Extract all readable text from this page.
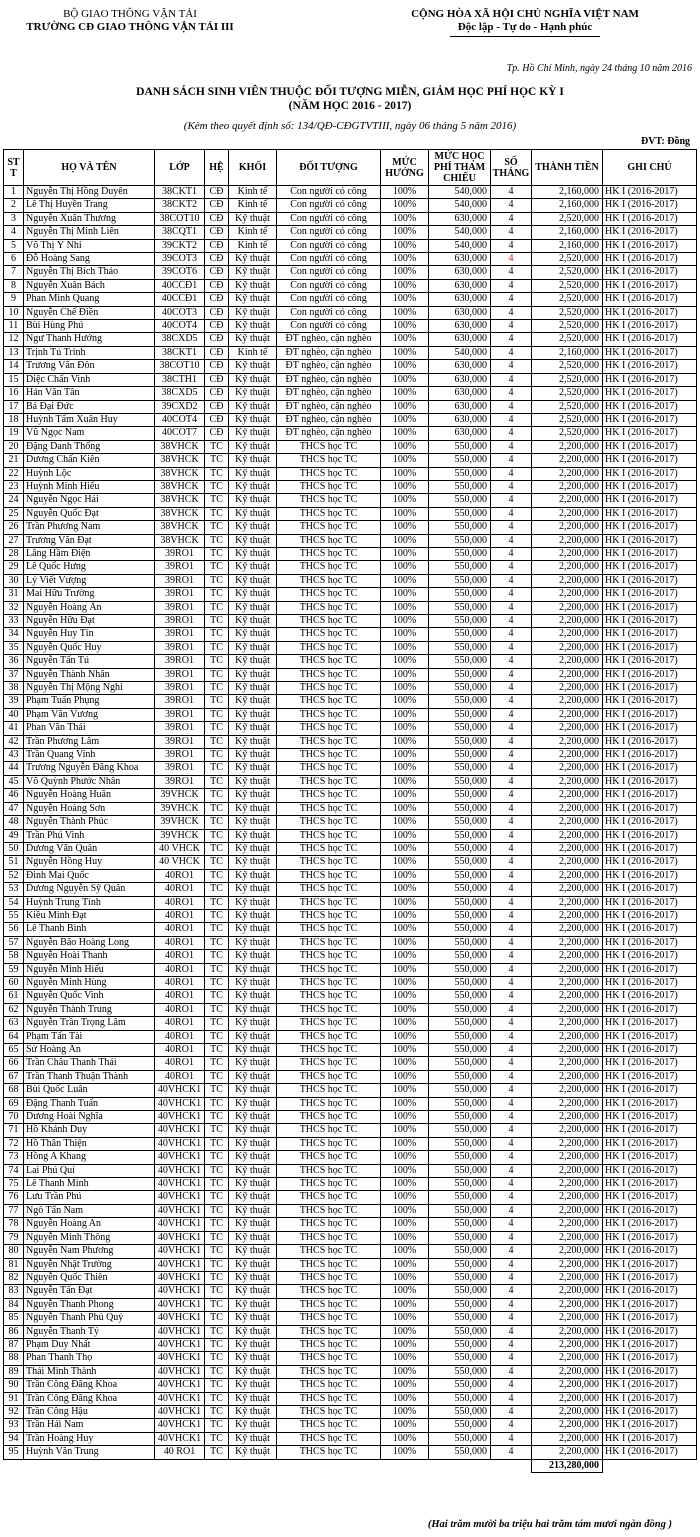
BỘ GIAO THÔNG VẬN TẢI
TRƯỜNG CĐ GIAO THÔNG VẬN TẢI III
CỘNG HÒA XÃ HỘI CHỦ NGHĨA VIỆT NAM
Độc lập - Tự do - Hạnh phúc
Tp. Hồ Chí Minh, ngày 24 tháng 10 năm 2016
DANH SÁCH SINH VIÊN THUỘC ĐỐI TƯỢNG MIỄN, GIẢM HỌC PHÍ HỌC KỲ I
(NĂM HỌC 2016 - 2017)
(Kèm theo quyết định số: 134/QĐ-CĐGTVTIII, ngày 06 tháng 5 năm 2016)
ĐVT: Đồng
ST T	HỌ VÀ TÊN	LỚP	HỆ	KHỐI	ĐỐI TƯỢNG	MỨC HƯỞNG	MỨC HỌC PHÍ THAM CHIẾU	SỐ THÁNG	THÀNH TIỀN	GHI CHÚ
1	Nguyễn Thị Hồng Duyên	38CKT1	CĐ	Kinh tế	Con người có công	100%	540,000	4	2,160,000	HK I (2016-2017)
2	Lê Thị Huyền Trang	38CKT2	CĐ	Kinh tế	Con người có công	100%	540,000	4	2,160,000	HK I (2016-2017)
3	Nguyễn Xuân Thương	38COT10	CĐ	Kỹ thuật	Con người có công	100%	630,000	4	2,520,000	HK I (2016-2017)
4	Nguyễn Thị Minh Liên	38CQT1	CĐ	Kinh tế	Con người có công	100%	540,000	4	2,160,000	HK I (2016-2017)
5	Võ Thị Ý Nhi	39CKT2	CĐ	Kinh tế	Con người có công	100%	540,000	4	2,160,000	HK I (2016-2017)
6	Đỗ Hoàng Sang	39COT3	CĐ	Kỹ thuật	Con người có công	100%	630,000	4	2,520,000	HK I (2016-2017)
7	Nguyễn Thị Bích Thảo	39COT6	CĐ	Kỹ thuật	Con người có công	100%	630,000	4	2,520,000	HK I (2016-2017)
8	Nguyễn Xuân Bách	40CCĐ1	CĐ	Kỹ thuật	Con người có công	100%	630,000	4	2,520,000	HK I (2016-2017)
9	Phan Minh Quang	40CCĐ1	CĐ	Kỹ thuật	Con người có công	100%	630,000	4	2,520,000	HK I (2016-2017)
10	Nguyễn Chế Điền	40COT3	CĐ	Kỹ thuật	Con người có công	100%	630,000	4	2,520,000	HK I (2016-2017)
11	Bùi Hùng Phú	40COT4	CĐ	Kỹ thuật	Con người có công	100%	630,000	4	2,520,000	HK I (2016-2017)
12	Ngư Thanh Hướng	38CXD5	CĐ	Kỹ thuật	ĐT nghèo, cận nghèo	100%	630,000	4	2,520,000	HK I (2016-2017)
13	Trịnh Tú Trinh	38CKT1	CĐ	Kinh tế	ĐT nghèo, cận nghèo	100%	540,000	4	2,160,000	HK I (2016-2017)
14	Trương Văn Đôn	38COT10	CĐ	Kỹ thuật	ĐT nghèo, cận nghèo	100%	630,000	4	2,520,000	HK I (2016-2017)
15	Diệc Chấn Vinh	38CTH1	CĐ	Kỹ thuật	ĐT nghèo, cận nghèo	100%	630,000	4	2,520,000	HK I (2016-2017)
16	Hán Văn Tân	38CXD5	CĐ	Kỹ thuật	ĐT nghèo, cận nghèo	100%	630,000	4	2,520,000	HK I (2016-2017)
17	Bá Đại Đức	39CXD2	CĐ	Kỹ thuật	ĐT nghèo, cận nghèo	100%	630,000	4	2,520,000	HK I (2016-2017)
18	Huỳnh Tấm Xuân Huy	40COT4	CĐ	Kỹ thuật	ĐT nghèo, cận nghèo	100%	630,000	4	2,520,000	HK I (2016-2017)
19	Vũ Ngọc Nam	40COT7	CĐ	Kỹ thuật	ĐT nghèo, cận nghèo	100%	630,000	4	2,520,000	HK I (2016-2017)
20	Đặng Danh Thống	38VHCK	TC	Kỹ thuật	THCS học TC	100%	550,000	4	2,200,000	HK I (2016-2017)
21	Dương Chấn Kiên	38VHCK	TC	Kỹ thuật	THCS học TC	100%	550,000	4	2,200,000	HK I (2016-2017)
22	Huỳnh Lộc	38VHCK	TC	Kỹ thuật	THCS học TC	100%	550,000	4	2,200,000	HK I (2016-2017)
23	Huỳnh Minh Hiếu	38VHCK	TC	Kỹ thuật	THCS học TC	100%	550,000	4	2,200,000	HK I (2016-2017)
24	Nguyễn Ngọc Hải	38VHCK	TC	Kỹ thuật	THCS học TC	100%	550,000	4	2,200,000	HK I (2016-2017)
25	Nguyễn Quốc Đạt	38VHCK	TC	Kỹ thuật	THCS học TC	100%	550,000	4	2,200,000	HK I (2016-2017)
26	Trần Phương Nam	38VHCK	TC	Kỹ thuật	THCS học TC	100%	550,000	4	2,200,000	HK I (2016-2017)
27	Trương Văn Đạt	38VHCK	TC	Kỹ thuật	THCS học TC	100%	550,000	4	2,200,000	HK I (2016-2017)
28	Lăng Hầm Điện	39RO1	TC	Kỹ thuật	THCS học TC	100%	550,000	4	2,200,000	HK I (2016-2017)
29	Lê Quốc Hưng	39RO1	TC	Kỹ thuật	THCS học TC	100%	550,000	4	2,200,000	HK I (2016-2017)
30	Lý Viết Vượng	39RO1	TC	Kỹ thuật	THCS học TC	100%	550,000	4	2,200,000	HK I (2016-2017)
31	Mai Hữu Trường	39RO1	TC	Kỹ thuật	THCS học TC	100%	550,000	4	2,200,000	HK I (2016-2017)
32	Nguyễn Hoàng Ân	39RO1	TC	Kỹ thuật	THCS học TC	100%	550,000	4	2,200,000	HK I (2016-2017)
33	Nguyễn Hữu Đạt	39RO1	TC	Kỹ thuật	THCS học TC	100%	550,000	4	2,200,000	HK I (2016-2017)
34	Nguyễn Huy Tín	39RO1	TC	Kỹ thuật	THCS học TC	100%	550,000	4	2,200,000	HK I (2016-2017)
35	Nguyễn Quốc Huy	39RO1	TC	Kỹ thuật	THCS học TC	100%	550,000	4	2,200,000	HK I (2016-2017)
36	Nguyễn Tấn Tú	39RO1	TC	Kỹ thuật	THCS học TC	100%	550,000	4	2,200,000	HK I (2016-2017)
37	Nguyễn Thành Nhân	39RO1	TC	Kỹ thuật	THCS học TC	100%	550,000	4	2,200,000	HK I (2016-2017)
38	Nguyễn Thị Mộng Nghi	39RO1	TC	Kỹ thuật	THCS học TC	100%	550,000	4	2,200,000	HK I (2016-2017)
39	Phạm Tuấn Phụng	39RO1	TC	Kỹ thuật	THCS học TC	100%	550,000	4	2,200,000	HK I (2016-2017)
40	Phạm Văn Vương	39RO1	TC	Kỹ thuật	THCS học TC	100%	550,000	4	2,200,000	HK I (2016-2017)
41	Phan Văn Thái	39RO1	TC	Kỹ thuật	THCS học TC	100%	550,000	4	2,200,000	HK I (2016-2017)
42	Trần Phương Lâm	39RO1	TC	Kỹ thuật	THCS học TC	100%	550,000	4	2,200,000	HK I (2016-2017)
43	Trần Quang Vinh	39RO1	TC	Kỹ thuật	THCS học TC	100%	550,000	4	2,200,000	HK I (2016-2017)
44	Trương Nguyễn Đăng Khoa	39RO1	TC	Kỹ thuật	THCS học TC	100%	550,000	4	2,200,000	HK I (2016-2017)
45	Võ Quỳnh Phước Nhân	39RO1	TC	Kỹ thuật	THCS học TC	100%	550,000	4	2,200,000	HK I (2016-2017)
46	Nguyễn Hoàng Huân	39VHCK	TC	Kỹ thuật	THCS học TC	100%	550,000	4	2,200,000	HK I (2016-2017)
47	Nguyễn Hoàng Sơn	39VHCK	TC	Kỹ thuật	THCS học TC	100%	550,000	4	2,200,000	HK I (2016-2017)
48	Nguyễn Thành Phúc	39VHCK	TC	Kỹ thuật	THCS học TC	100%	550,000	4	2,200,000	HK I (2016-2017)
49	Trần Phú Vinh	39VHCK	TC	Kỹ thuật	THCS học TC	100%	550,000	4	2,200,000	HK I (2016-2017)
50	Dương Văn Quân	40 VHCK	TC	Kỹ thuật	THCS học TC	100%	550,000	4	2,200,000	HK I (2016-2017)
51	Nguyễn Hồng Huy	40 VHCK	TC	Kỹ thuật	THCS học TC	100%	550,000	4	2,200,000	HK I (2016-2017)
52	Đinh Mai Quốc	40RO1	TC	Kỹ thuật	THCS học TC	100%	550,000	4	2,200,000	HK I (2016-2017)
53	Dương Nguyễn Sỹ Quân	40RO1	TC	Kỹ thuật	THCS học TC	100%	550,000	4	2,200,000	HK I (2016-2017)
54	Huỳnh Trung Tính	40RO1	TC	Kỹ thuật	THCS học TC	100%	550,000	4	2,200,000	HK I (2016-2017)
55	Kiều Minh Đạt	40RO1	TC	Kỹ thuật	THCS học TC	100%	550,000	4	2,200,000	HK I (2016-2017)
56	Lê Thanh Bình	40RO1	TC	Kỹ thuật	THCS học TC	100%	550,000	4	2,200,000	HK I (2016-2017)
57	Nguyễn Bão Hoàng Long	40RO1	TC	Kỹ thuật	THCS học TC	100%	550,000	4	2,200,000	HK I (2016-2017)
58	Nguyễn Hoài Thanh	40RO1	TC	Kỹ thuật	THCS học TC	100%	550,000	4	2,200,000	HK I (2016-2017)
59	Nguyễn Minh Hiếu	40RO1	TC	Kỹ thuật	THCS học TC	100%	550,000	4	2,200,000	HK I (2016-2017)
60	Nguyễn Minh Hùng	40RO1	TC	Kỹ thuật	THCS học TC	100%	550,000	4	2,200,000	HK I (2016-2017)
61	Nguyễn Quốc Vinh	40RO1	TC	Kỹ thuật	THCS học TC	100%	550,000	4	2,200,000	HK I (2016-2017)
62	Nguyễn Thành Trung	40RO1	TC	Kỹ thuật	THCS học TC	100%	550,000	4	2,200,000	HK I (2016-2017)
63	Nguyễn Trần Trọng Lâm	40RO1	TC	Kỹ thuật	THCS học TC	100%	550,000	4	2,200,000	HK I (2016-2017)
64	Phạm Tấn Tài	40RO1	TC	Kỹ thuật	THCS học TC	100%	550,000	4	2,200,000	HK I (2016-2017)
65	Sử Hoàng Ân	40RO1	TC	Kỹ thuật	THCS học TC	100%	550,000	4	2,200,000	HK I (2016-2017)
66	Trần Châu Thanh Thái	40RO1	TC	Kỹ thuật	THCS học TC	100%	550,000	4	2,200,000	HK I (2016-2017)
67	Trần Thanh Thuận Thành	40RO1	TC	Kỹ thuật	THCS học TC	100%	550,000	4	2,200,000	HK I (2016-2017)
68	Bùi Quốc Luân	40VHCK1	TC	Kỹ thuật	THCS học TC	100%	550,000	4	2,200,000	HK I (2016-2017)
69	Đặng Thanh Tuấn	40VHCK1	TC	Kỹ thuật	THCS học TC	100%	550,000	4	2,200,000	HK I (2016-2017)
70	Dương Hoài Nghĩa	40VHCK1	TC	Kỹ thuật	THCS học TC	100%	550,000	4	2,200,000	HK I (2016-2017)
71	Hồ Khánh Duy	40VHCK1	TC	Kỹ thuật	THCS học TC	100%	550,000	4	2,200,000	HK I (2016-2017)
72	Hồ Thân Thiện	40VHCK1	TC	Kỹ thuật	THCS học TC	100%	550,000	4	2,200,000	HK I (2016-2017)
73	Hồng A Khang	40VHCK1	TC	Kỹ thuật	THCS học TC	100%	550,000	4	2,200,000	HK I (2016-2017)
74	Lai Phú Quí	40VHCK1	TC	Kỹ thuật	THCS học TC	100%	550,000	4	2,200,000	HK I (2016-2017)
75	Lê Thanh Minh	40VHCK1	TC	Kỹ thuật	THCS học TC	100%	550,000	4	2,200,000	HK I (2016-2017)
76	Lưu Trần Phú	40VHCK1	TC	Kỹ thuật	THCS học TC	100%	550,000	4	2,200,000	HK I (2016-2017)
77	Ngô Tấn Nam	40VHCK1	TC	Kỹ thuật	THCS học TC	100%	550,000	4	2,200,000	HK I (2016-2017)
78	Nguyễn Hoàng An	40VHCK1	TC	Kỹ thuật	THCS học TC	100%	550,000	4	2,200,000	HK I (2016-2017)
79	Nguyễn Minh Thông	40VHCK1	TC	Kỹ thuật	THCS học TC	100%	550,000	4	2,200,000	HK I (2016-2017)
80	Nguyễn Nam Phương	40VHCK1	TC	Kỹ thuật	THCS học TC	100%	550,000	4	2,200,000	HK I (2016-2017)
81	Nguyễn Nhật Trường	40VHCK1	TC	Kỹ thuật	THCS học TC	100%	550,000	4	2,200,000	HK I (2016-2017)
82	Nguyễn Quốc Thiên	40VHCK1	TC	Kỹ thuật	THCS học TC	100%	550,000	4	2,200,000	HK I (2016-2017)
83	Nguyễn Tấn Đạt	40VHCK1	TC	Kỹ thuật	THCS học TC	100%	550,000	4	2,200,000	HK I (2016-2017)
84	Nguyễn Thanh Phong	40VHCK1	TC	Kỹ thuật	THCS học TC	100%	550,000	4	2,200,000	HK I (2016-2017)
85	Nguyễn Thanh Phú Quý	40VHCK1	TC	Kỹ thuật	THCS học TC	100%	550,000	4	2,200,000	HK I (2016-2017)
86	Nguyễn Thanh Tỷ	40VHCK1	TC	Kỹ thuật	THCS học TC	100%	550,000	4	2,200,000	HK I (2016-2017)
87	Phạm Duy Nhất	40VHCK1	TC	Kỹ thuật	THCS học TC	100%	550,000	4	2,200,000	HK I (2016-2017)
88	Phan Thanh Thọ	40VHCK1	TC	Kỹ thuật	THCS học TC	100%	550,000	4	2,200,000	HK I (2016-2017)
89	Thái Minh Thành	40VHCK1	TC	Kỹ thuật	THCS học TC	100%	550,000	4	2,200,000	HK I (2016-2017)
90	Trần Công Đăng Khoa	40VHCK1	TC	Kỹ thuật	THCS học TC	100%	550,000	4	2,200,000	HK I (2016-2017)
91	Trần Công Đăng Khoa	40VHCK1	TC	Kỹ thuật	THCS học TC	100%	550,000	4	2,200,000	HK I (2016-2017)
92	Trần Công Hậu	40VHCK1	TC	Kỹ thuật	THCS học TC	100%	550,000	4	2,200,000	HK I (2016-2017)
93	Trần Hải Nam	40VHCK1	TC	Kỹ thuật	THCS học TC	100%	550,000	4	2,200,000	HK I (2016-2017)
94	Trần Hoàng Huy	40VHCK1	TC	Kỹ thuật	THCS học TC	100%	550,000	4	2,200,000	HK I (2016-2017)
95	Huỳnh Văn Trung	40 RO1	TC	Kỹ thuật	THCS học TC	100%	550,000	4	2,200,000	HK I (2016-2017)
									213,280,000	
(Hai trăm mười ba triệu hai trăm tám mươi ngàn đồng )
